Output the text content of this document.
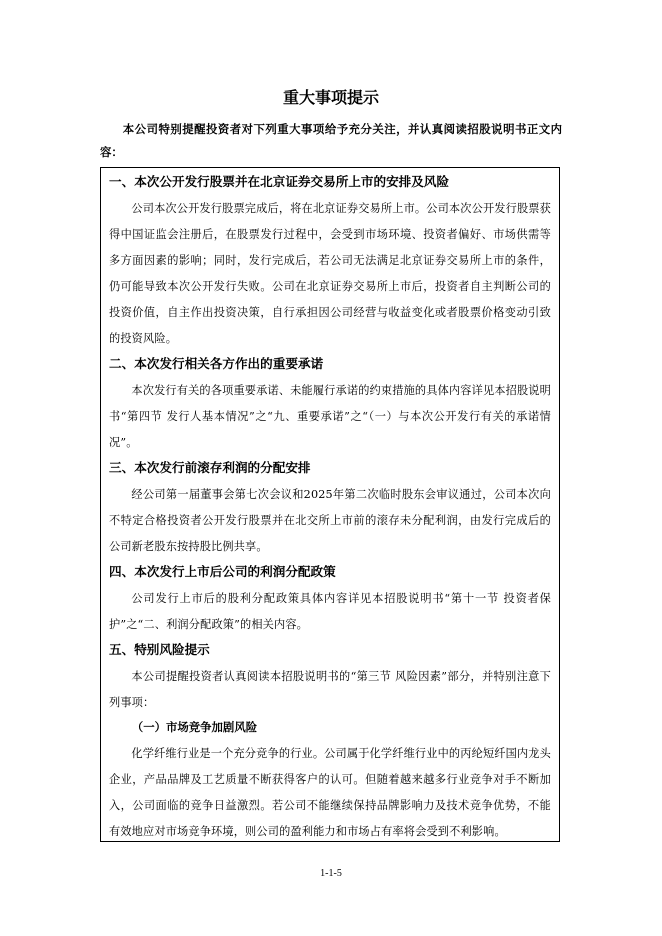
重大事项提示
本公司特别提醒投资者对下列重大事项给予充分关注，并认真阅读招股说明书正文内容：
一、本次公开发行股票并在北京证券交易所上市的安排及风险

公司本次公开发行股票完成后，将在北京证券交易所上市。公司本次公开发行股票获得中国证监会注册后，在股票发行过程中，会受到市场环境、投资者偏好、市场供需等多方面因素的影响；同时，发行完成后，若公司无法满足北京证券交易所上市的条件，仍可能导致本次公开发行失败。公司在北京证券交易所上市后，投资者自主判断公司的投资价值，自主作出投资决策，自行承担因公司经营与收益变化或者股票价格变动引致的投资风险。

二、本次发行相关各方作出的重要承诺

本次发行有关的各项重要承诺、未能履行承诺的约束措施的具体内容详见本招股说明书“第四节 发行人基本情况”之“九、重要承诺”之“（一）与本次公开发行有关的承诺情况”。

三、本次发行前滚存利润的分配安排

经公司第一届董事会第七次会议和2025年第二次临时股东会审议通过，公司本次向不特定合格投资者公开发行股票并在北交所上市前的滚存未分配利润，由发行完成后的公司新老股东按持股比例共享。

四、本次发行上市后公司的利润分配政策

公司发行上市后的股利分配政策具体内容详见本招股说明书“第十一节 投资者保护”之“二、利润分配政策”的相关内容。

五、特别风险提示

本公司提醒投资者认真阅读本招股说明书的“第三节 风险因素”部分，并特别注意下列事项：

（一）市场竞争加剧风险

化学纤维行业是一个充分竞争的行业。公司属于化学纤维行业中的丙纶短纤国内龙头企业，产品品牌及工艺质量不断获得客户的认可。但随着越来越多行业竞争对手不断加入，公司面临的竞争日益激烈。若公司不能继续保持品牌影响力及技术竞争优势，不能有效地应对市场竞争环境，则公司的盈利能力和市场占有率将会受到不利影响。

1-1-5
